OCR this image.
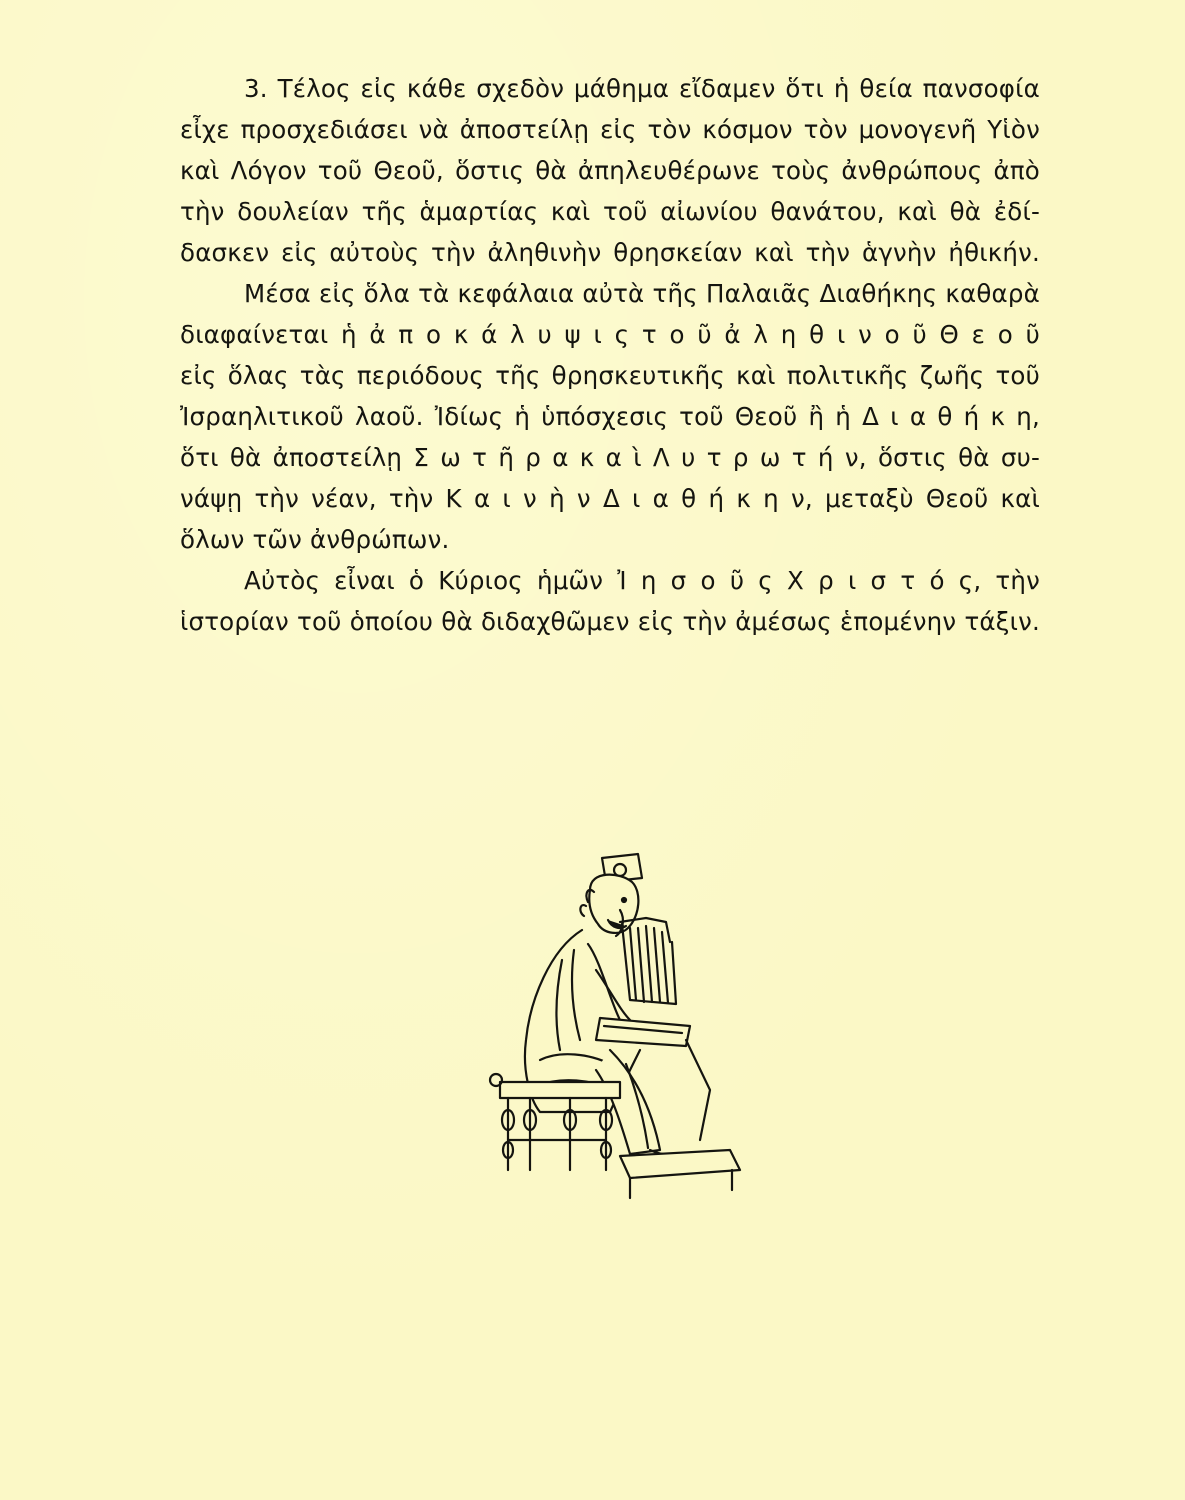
3. Τέλος εἰς κάθε σχεδὸν μάθημα εἴδαμεν ὅτι ἡ θεία πανσοφία
εἶχε προσχεδιάσει νὰ ἀποστείλῃ εἰς τὸν κόσμον τὸν μονογενῆ Υἱὸν
καὶ Λόγον τοῦ Θεοῦ, ὅστις θὰ ἀπηλευθέρωνε τοὺς ἀνθρώπους ἀπὸ
τὴν δουλείαν τῆς ἁμαρτίας καὶ τοῦ αἰωνίου θανάτου, καὶ θὰ ἐδί-
δασκεν εἰς αὐτοὺς τὴν ἀληθινὴν θρησκείαν καὶ τὴν ἁγνὴν ἠθικήν.
Μέσα εἰς ὅλα τὰ κεφάλαια αὐτὰ τῆς Παλαιᾶς Διαθήκης καθαρὰ
διαφαίνεται ἡ ἀ π ο κ ά λ υ ψ ι ς τ ο ῦ ἀ λ η θ ι ν ο ῦ Θ ε ο ῦ
εἰς ὅλας τὰς περιόδους τῆς θρησκευτικῆς καὶ πολιτικῆς ζωῆς τοῦ
Ἰσραηλιτικοῦ λαοῦ. Ἰδίως ἡ ὑπόσχεσις τοῦ Θεοῦ ἢ ἡ Δ ι α θ ή κ η,
ὅτι θὰ ἀποστείλῃ Σ ω τ ῆ ρ α κ α ὶ Λ υ τ ρ ω τ ή ν, ὅστις θὰ συ-
νάψῃ τὴν νέαν, τὴν Κ α ι ν ὴ ν Δ ι α θ ή κ η ν, μεταξὺ Θεοῦ καὶ
ὅλων τῶν ἀνθρώπων.
Αὐτὸς εἶναι ὁ Κύριος ἡμῶν Ἰ η σ ο ῦ ς Χ ρ ι σ τ ό ς, τὴν
ἱστορίαν τοῦ ὁποίου θὰ διδαχθῶμεν εἰς τὴν ἀμέσως ἑπομένην τάξιν.
